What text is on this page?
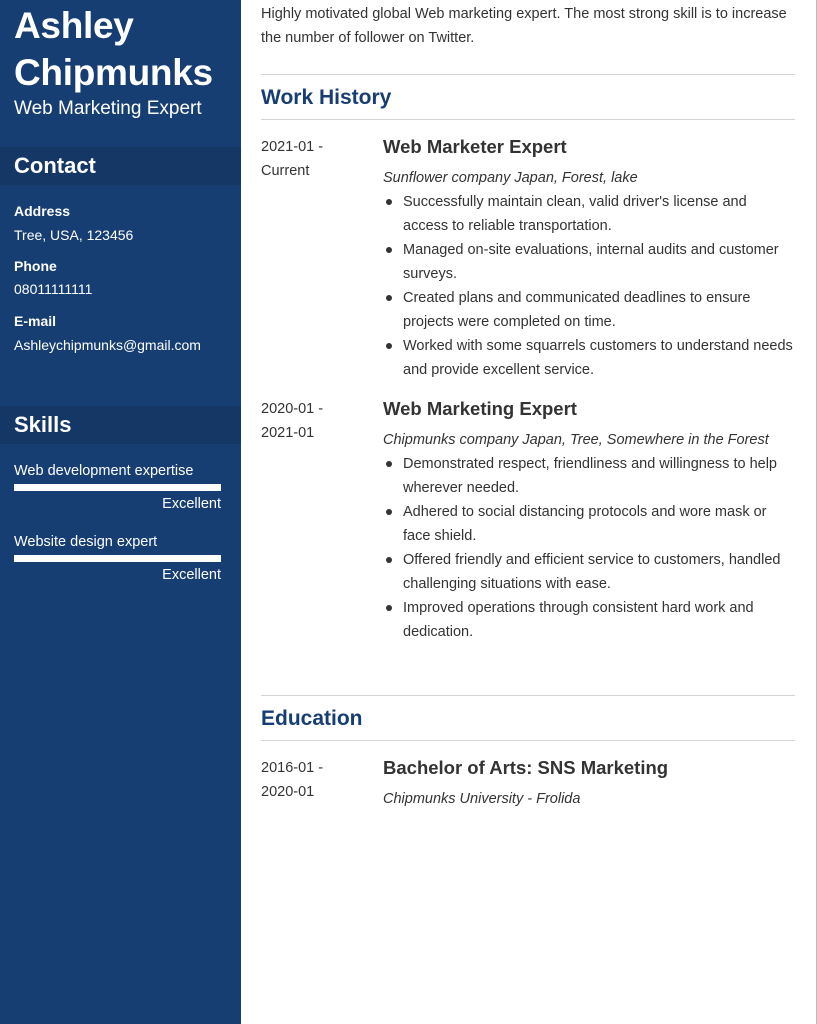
Ashley
Chipmunks
Web Marketing Expert
Contact
Address
Tree, USA, 123456
Phone
08011111111
E-mail
Ashleychipmunks@gmail.com
Skills
Web development expertise
Excellent
Website design expert
Excellent
Highly motivated global Web marketing expert. The most strong skill is to increase the number of follower on Twitter.
Work History
2021-01 -
Current
Web Marketer Expert
Sunflower company Japan, Forest, lake
Successfully maintain clean, valid driver's license and access to reliable transportation.
Managed on-site evaluations, internal audits and customer surveys.
Created plans and communicated deadlines to ensure projects were completed on time.
Worked with some squarrels customers to understand needs and provide excellent service.
2020-01 -
2021-01
Web Marketing Expert
Chipmunks company Japan, Tree, Somewhere in the Forest
Demonstrated respect, friendliness and willingness to help wherever needed.
Adhered to social distancing protocols and wore mask or face shield.
Offered friendly and efficient service to customers, handled challenging situations with ease.
Improved operations through consistent hard work and dedication.
Education
2016-01 -
2020-01
Bachelor of Arts: SNS Marketing
Chipmunks University - Frolida
